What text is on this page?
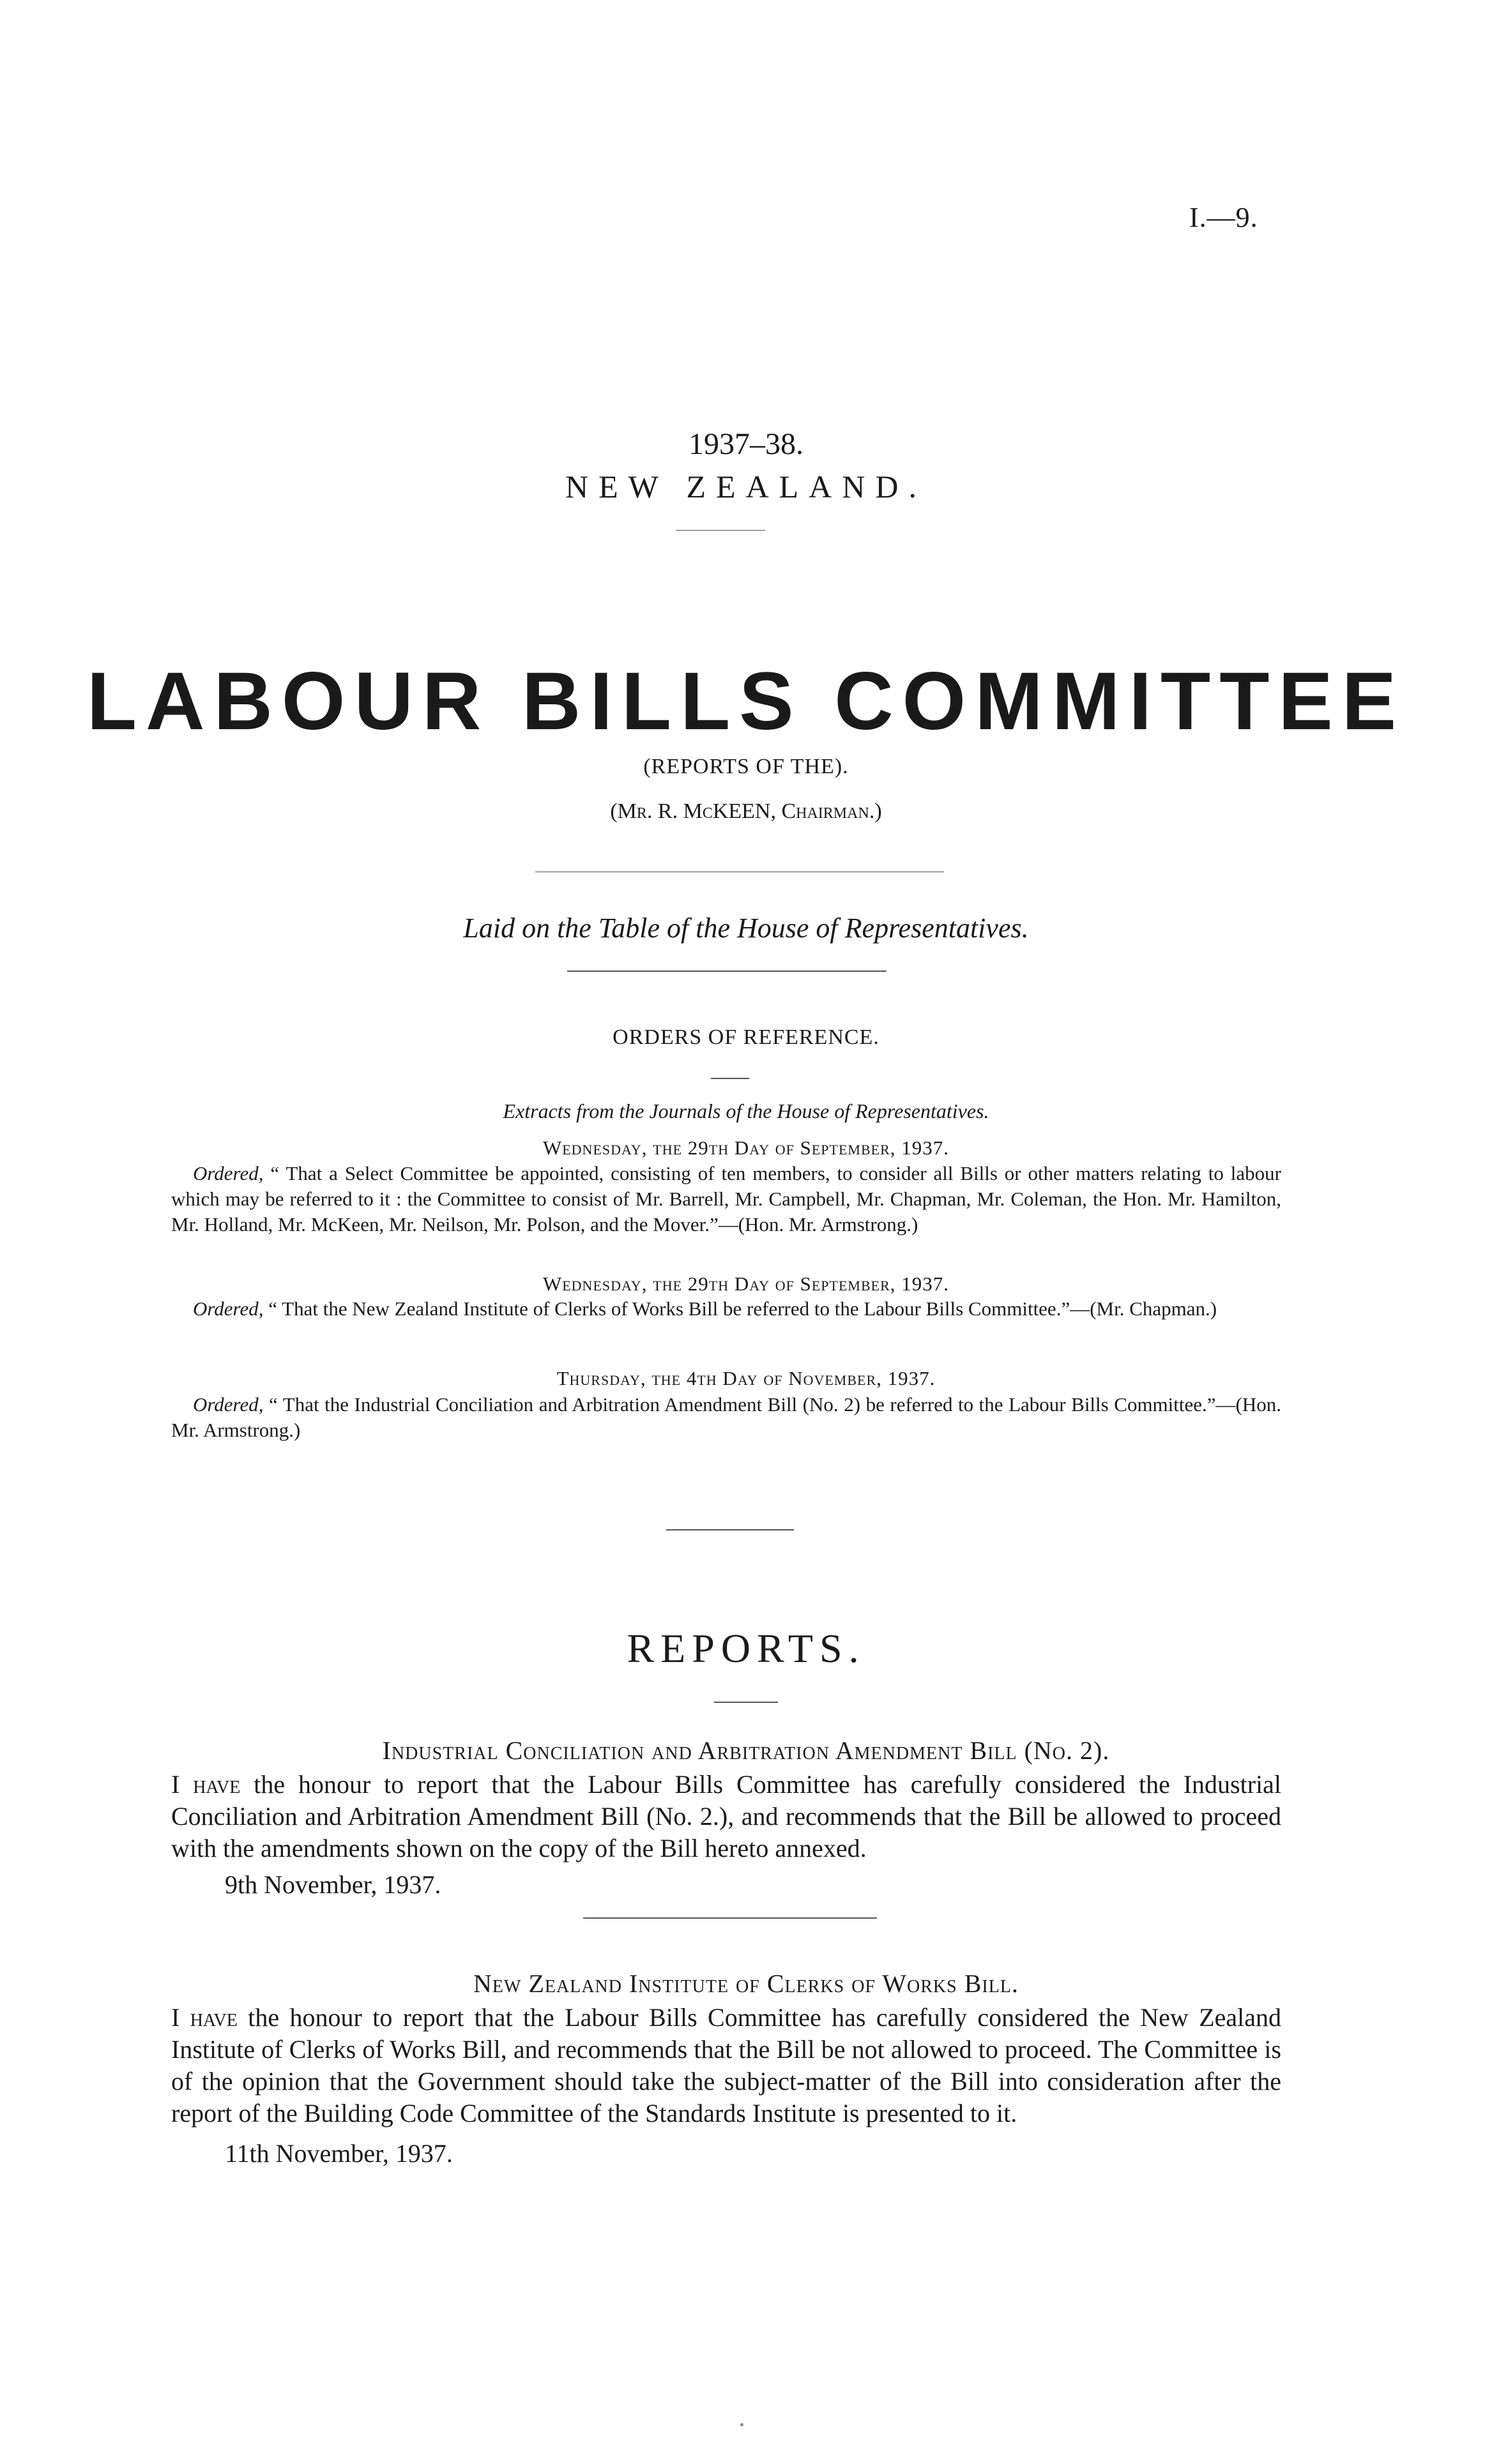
I.—9.
1937–38.
NEW ZEALAND.
LABOUR BILLS COMMITTEE
(REPORTS OF THE).
(Mr. R. McKEEN, Chairman.)
Laid on the Table of the House of Representatives.
ORDERS OF REFERENCE.
Extracts from the Journals of the House of Representatives.
Wednesday, the 29th Day of September, 1937.
Ordered, “ That a Select Committee be appointed, consisting of ten members, to consider all Bills or other matters relating to labour which may be referred to it : the Committee to consist of Mr. Barrell, Mr. Campbell, Mr. Chapman, Mr. Coleman, the Hon. Mr. Hamilton, Mr. Holland, Mr. McKeen, Mr. Neilson, Mr. Polson, and the Mover.”—(Hon. Mr. Armstrong.)
Wednesday, the 29th Day of September, 1937.
Ordered, “ That the New Zealand Institute of Clerks of Works Bill be referred to the Labour Bills Committee.”—(Mr. Chapman.)
Thursday, the 4th Day of November, 1937.
Ordered, “ That the Industrial Conciliation and Arbitration Amendment Bill (No. 2) be referred to the Labour Bills Committee.”—(Hon. Mr. Armstrong.)
REPORTS.
Industrial Conciliation and Arbitration Amendment Bill (No. 2).
I have the honour to report that the Labour Bills Committee has carefully considered the Industrial Conciliation and Arbitration Amendment Bill (No. 2.), and recommends that the Bill be allowed to proceed with the amendments shown on the copy of the Bill hereto annexed.
9th November, 1937.
New Zealand Institute of Clerks of Works Bill.
I have the honour to report that the Labour Bills Committee has carefully considered the New Zealand Institute of Clerks of Works Bill, and recommends that the Bill be not allowed to proceed. The Committee is of the opinion that the Government should take the subject-matter of the Bill into consideration after the report of the Building Code Committee of the Standards Institute is presented to it.
11th November, 1937.
